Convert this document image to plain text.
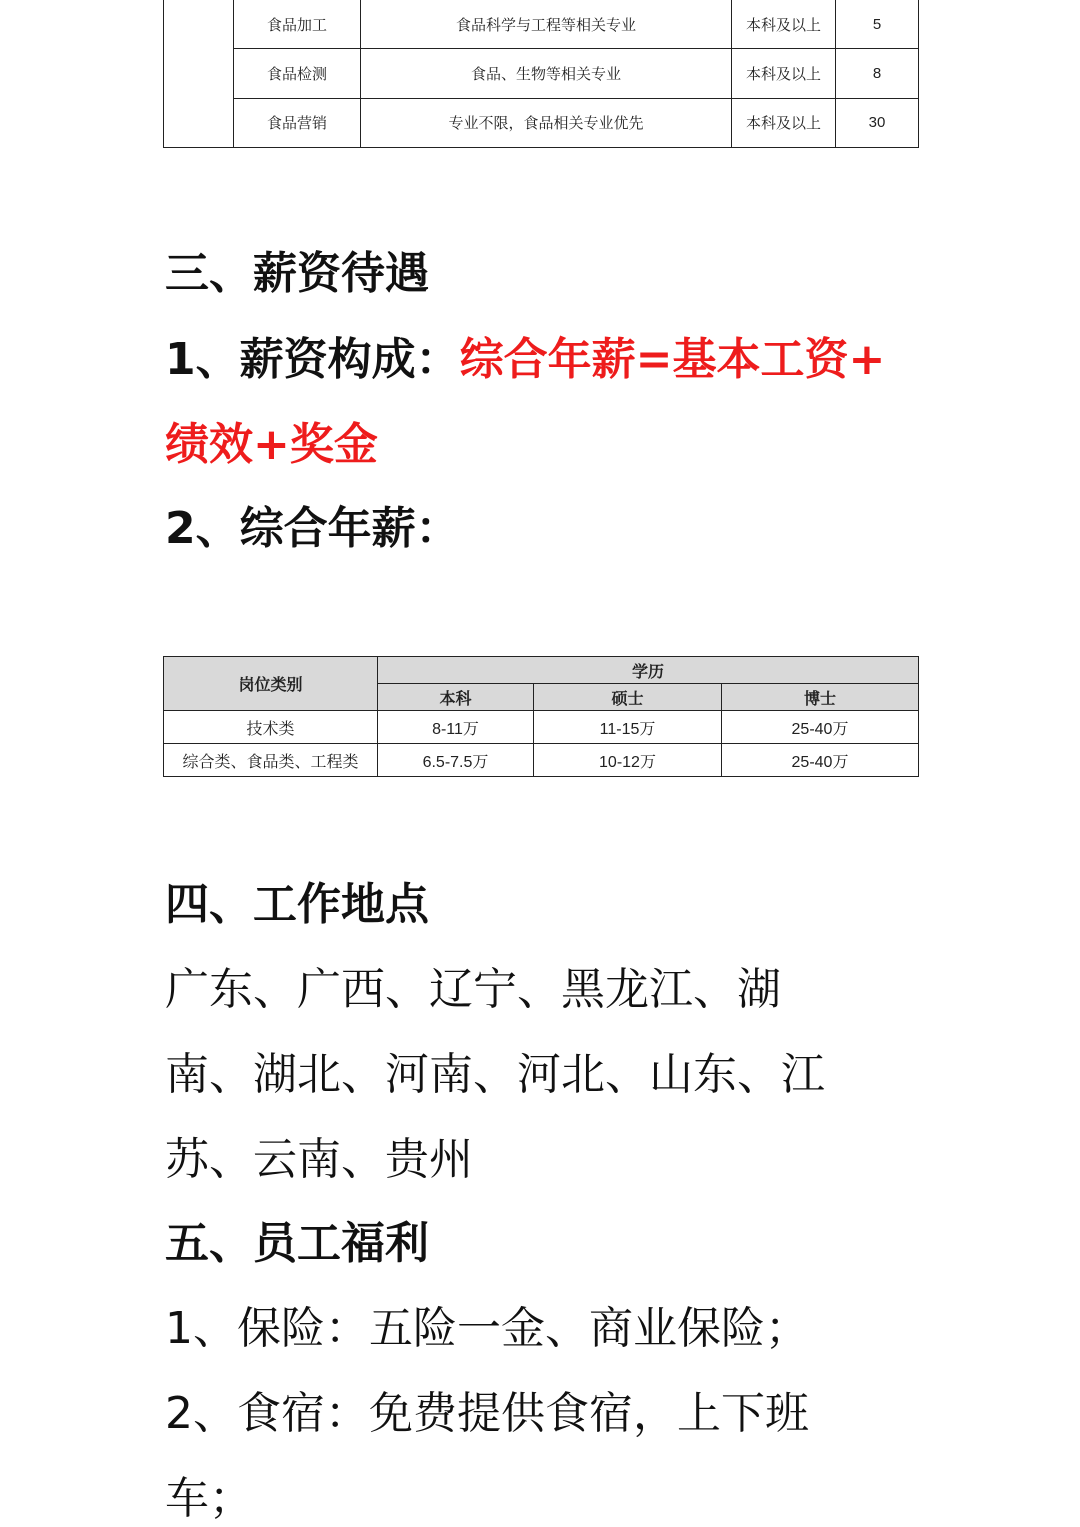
	食品加工	食品科学与工程等相关专业	本科及以上	5
	食品检测	食品、生物等相关专业	本科及以上	8
	食品营销	专业不限，食品相关专业优先	本科及以上	30

三、薪资待遇

1、薪资构成：综合年薪=基本工资+

绩效+奖金

2、综合年薪：

岗位类别	学历		
	本科	硕士	博士
技术类	8-11万	11-15万	25-40万
综合类、食品类、工程类	6.5-7.5万	10-12万	25-40万

四、工作地点

广东、广西、辽宁、黑龙江、湖

南、湖北、河南、河北、山东、江

苏、云南、贵州

五、员工福利

1、保险：五险一金、商业保险；

2、食宿：免费提供食宿，上下班

车；
